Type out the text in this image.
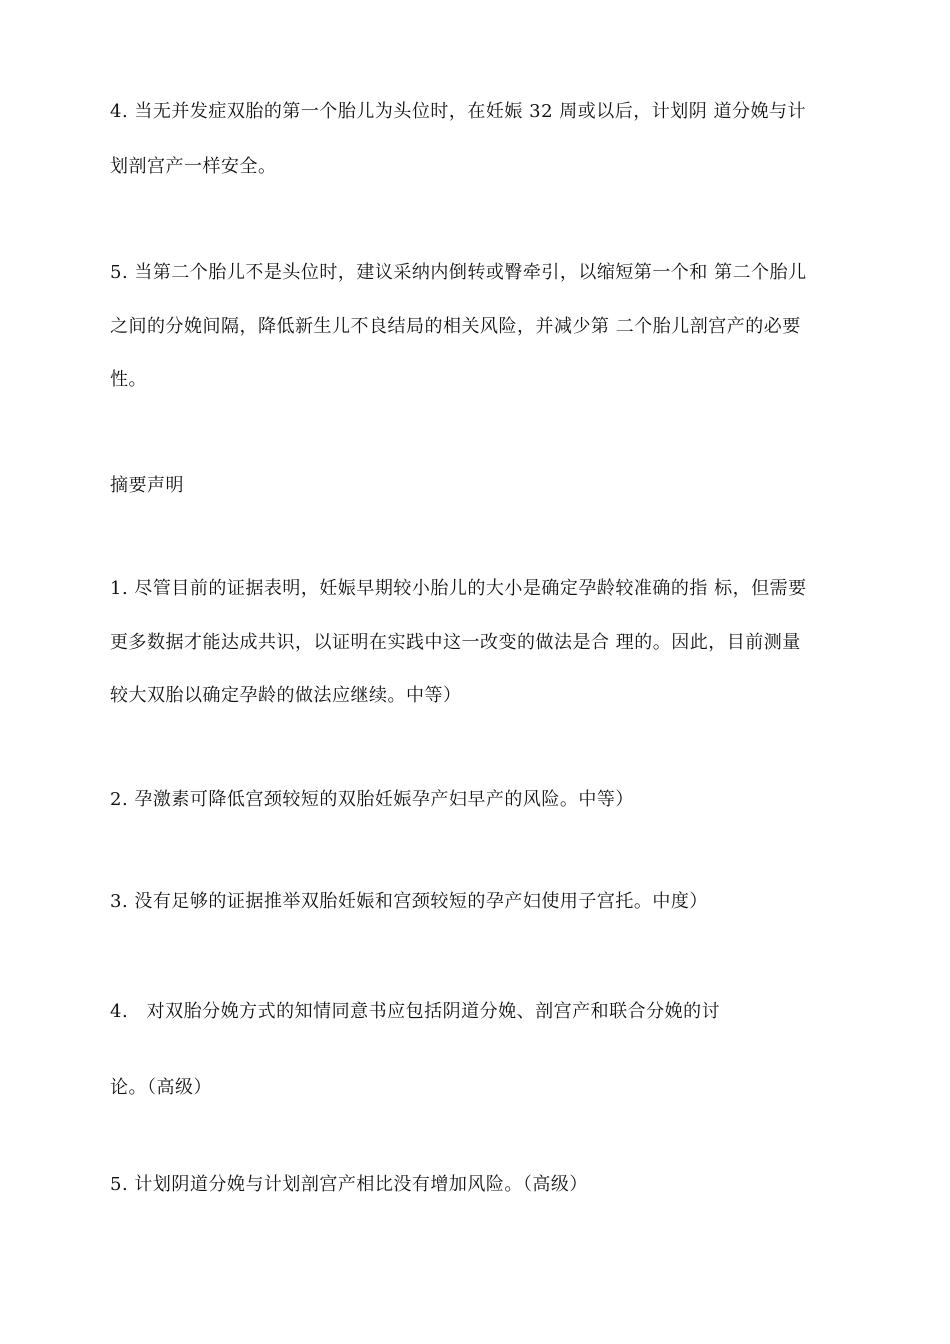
4. 当无并发症双胎的第一个胎儿为头位时，在妊娠 32 周或以后，计划阴 道分娩与计
划剖宫产一样安全。
5. 当第二个胎儿不是头位时，建议采纳内倒转或臀牵引，以缩短第一个和 第二个胎儿
之间的分娩间隔，降低新生儿不良结局的相关风险，并减少第 二个胎儿剖宫产的必要
性。
摘要声明
1. 尽管目前的证据表明，妊娠早期较小胎儿的大小是确定孕龄较准确的指 标，但需要
更多数据才能达成共识，以证明在实践中这一改变的做法是合 理的。因此，目前测量
较大双胎以确定孕龄的做法应继续。中等）
2. 孕激素可降低宫颈较短的双胎妊娠孕产妇早产的风险。中等）
3. 没有足够的证据推举双胎妊娠和宫颈较短的孕产妇使用子宫托。中度）
4.　对双胎分娩方式的知情同意书应包括阴道分娩、剖宫产和联合分娩的讨
论。（高级）
5. 计划阴道分娩与计划剖宫产相比没有增加风险。（高级）
